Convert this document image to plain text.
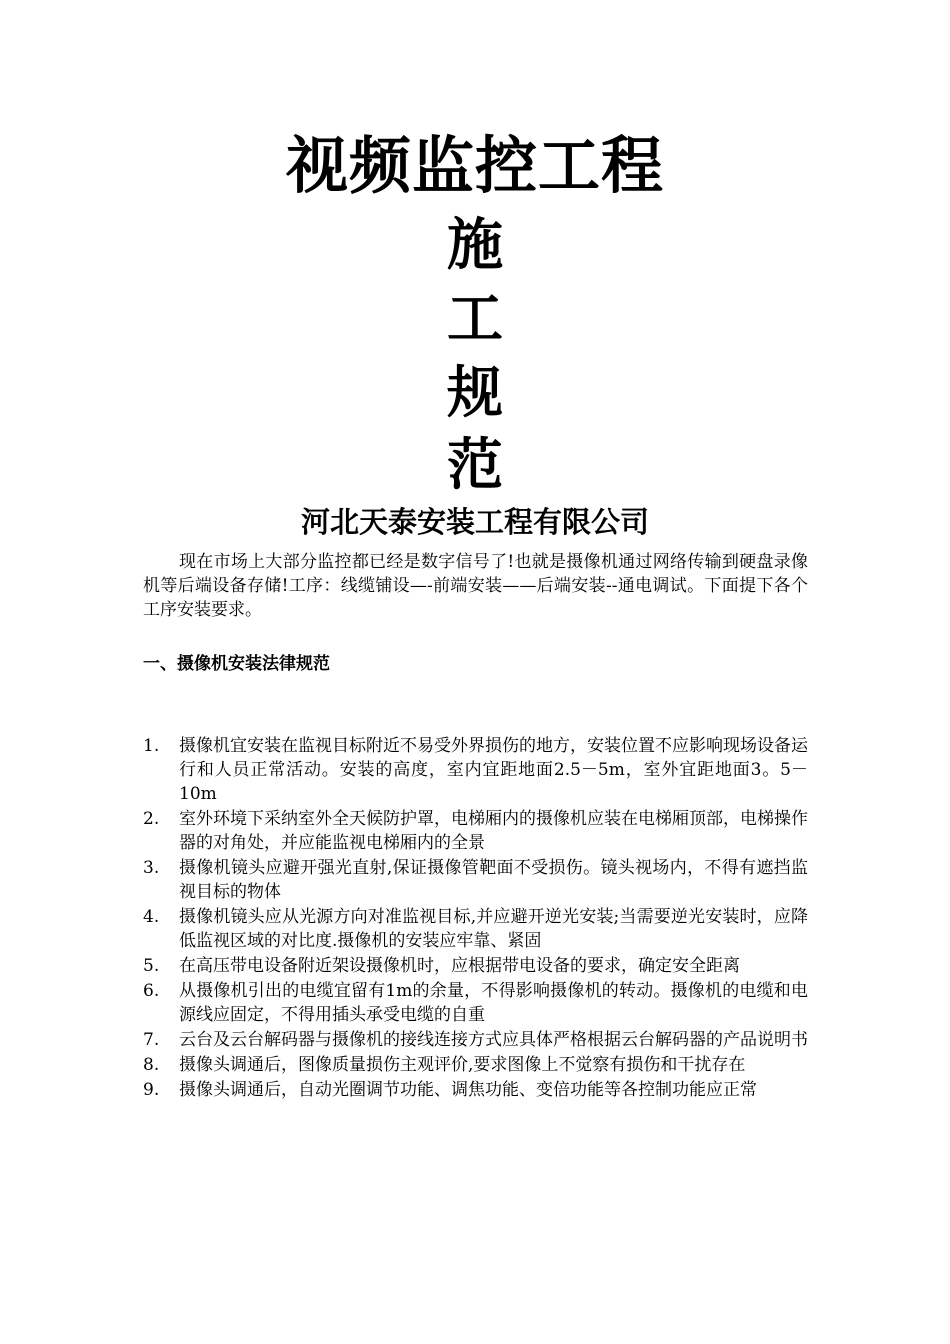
视频监控工程
施
工
规
范
河北天泰安装工程有限公司

现在市场上大部分监控都已经是数字信号了!也就是摄像机通过网络传输到硬盘录像机等后端设备存储!工序：线缆铺设—-前端安装——后端安装--通电调试。下面提下各个工序安装要求。

一、摄像机安装法律规范

1.	摄像机宜安装在监视目标附近不易受外界损伤的地方，安装位置不应影响现场设备运行和人员正常活动。安装的高度，室内宜距地面2.5－5m，室外宜距地面3。5－10m
2.	室外环境下采纳室外全天候防护罩，电梯厢内的摄像机应装在电梯厢顶部，电梯操作器的对角处，并应能监视电梯厢内的全景
3.	摄像机镜头应避开强光直射,保证摄像管靶面不受损伤。镜头视场内，不得有遮挡监视目标的物体
4.	摄像机镜头应从光源方向对准监视目标,并应避开逆光安装;当需要逆光安装时，应降低监视区域的对比度.摄像机的安装应牢靠、紧固
5.	在高压带电设备附近架设摄像机时，应根据带电设备的要求，确定安全距离
6.	从摄像机引出的电缆宜留有1m的余量，不得影响摄像机的转动。摄像机的电缆和电源线应固定，不得用插头承受电缆的自重
7.	云台及云台解码器与摄像机的接线连接方式应具体严格根据云台解码器的产品说明书
8.	摄像头调通后，图像质量损伤主观评价,要求图像上不觉察有损伤和干扰存在
9.	摄像头调通后，自动光圈调节功能、调焦功能、变倍功能等各控制功能应正常
